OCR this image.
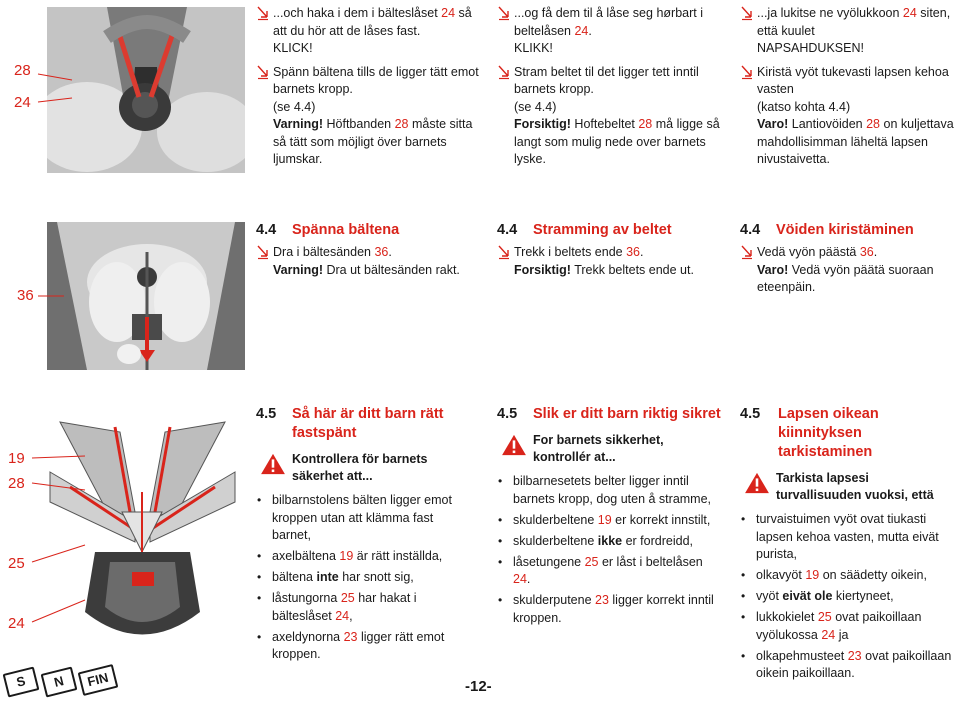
28
24
...och haka i dem i bälteslåset 24 så att du hör att de låses fast.
KLICK!
Spänn bältena tills de ligger tätt emot barnets kropp.
(se 4.4)
Varning! Höftbanden 28 måste sitta så tätt som möjligt över barnets ljumskar.
...og få dem til å låse seg hørbart i beltelåsen 24.
KLIKK!
Stram beltet til det ligger tett inntil barnets kropp.
(se 4.4)
Forsiktig! Hoftebeltet 28 må ligge så langt som mulig nede over barnets lyske.
...ja lukitse ne vyölukkoon 24 siten, että kuulet
NAPSAHDUKSEN!
Kiristä vyöt tukevasti lapsen kehoa vasten
(katso kohta 4.4)
Varo! Lantiovöiden 28 on kuljettava mahdollisimman läheltä lapsen nivustaivetta.
36
4.4 Spänna bältena
Dra i bältesänden 36.
Varning! Dra ut bältesänden rakt.
4.4 Stramming av beltet
Trekk i beltets ende 36.
Forsiktig! Trekk beltets ende ut.
4.4 Vöiden kiristäminen
Vedä vyön päästä 36.
Varo! Vedä vyön päätä suoraan eteenpäin.
19
28
25
24
4.5 Så här är ditt barn rätt fastspänt
Kontrollera för barnets säkerhet att...
• bilbarnstolens bälten ligger emot kroppen utan att klämma fast barnet,
• axelbältena 19 är rätt inställda,
• bältena inte har snott sig,
• låstungorna 25 har hakat i bälteslåset 24,
• axeldynorna 23 ligger rätt emot kroppen.
4.5 Slik er ditt barn riktig sikret
For barnets sikkerhet, kontrollér at...
• bilbarnesetets belter ligger inntil barnets kropp, dog uten å stramme,
• skulderbeltene 19 er korrekt innstilt,
• skulderbeltene ikke er fordreidd,
• låsetungene 25 er låst i beltelåsen 24.
• skulderputene 23 ligger korrekt inntil kroppen.
4.5 Lapsen oikean kiinnityksen tarkistaminen
Tarkista lapsesi turvallisuuden vuoksi, että
• turvaistuimen vyöt ovat tiukasti lapsen kehoa vasten, mutta eivät purista,
• olkavyöt 19 on säädetty oikein,
• vyöt eivät ole kiertyneet,
• lukkokielet 25 ovat paikoillaan vyölukossa 24 ja
• olkapehmusteet 23 ovat paikoillaan oikein paikoillaan.
S	N	FIN	-12-
